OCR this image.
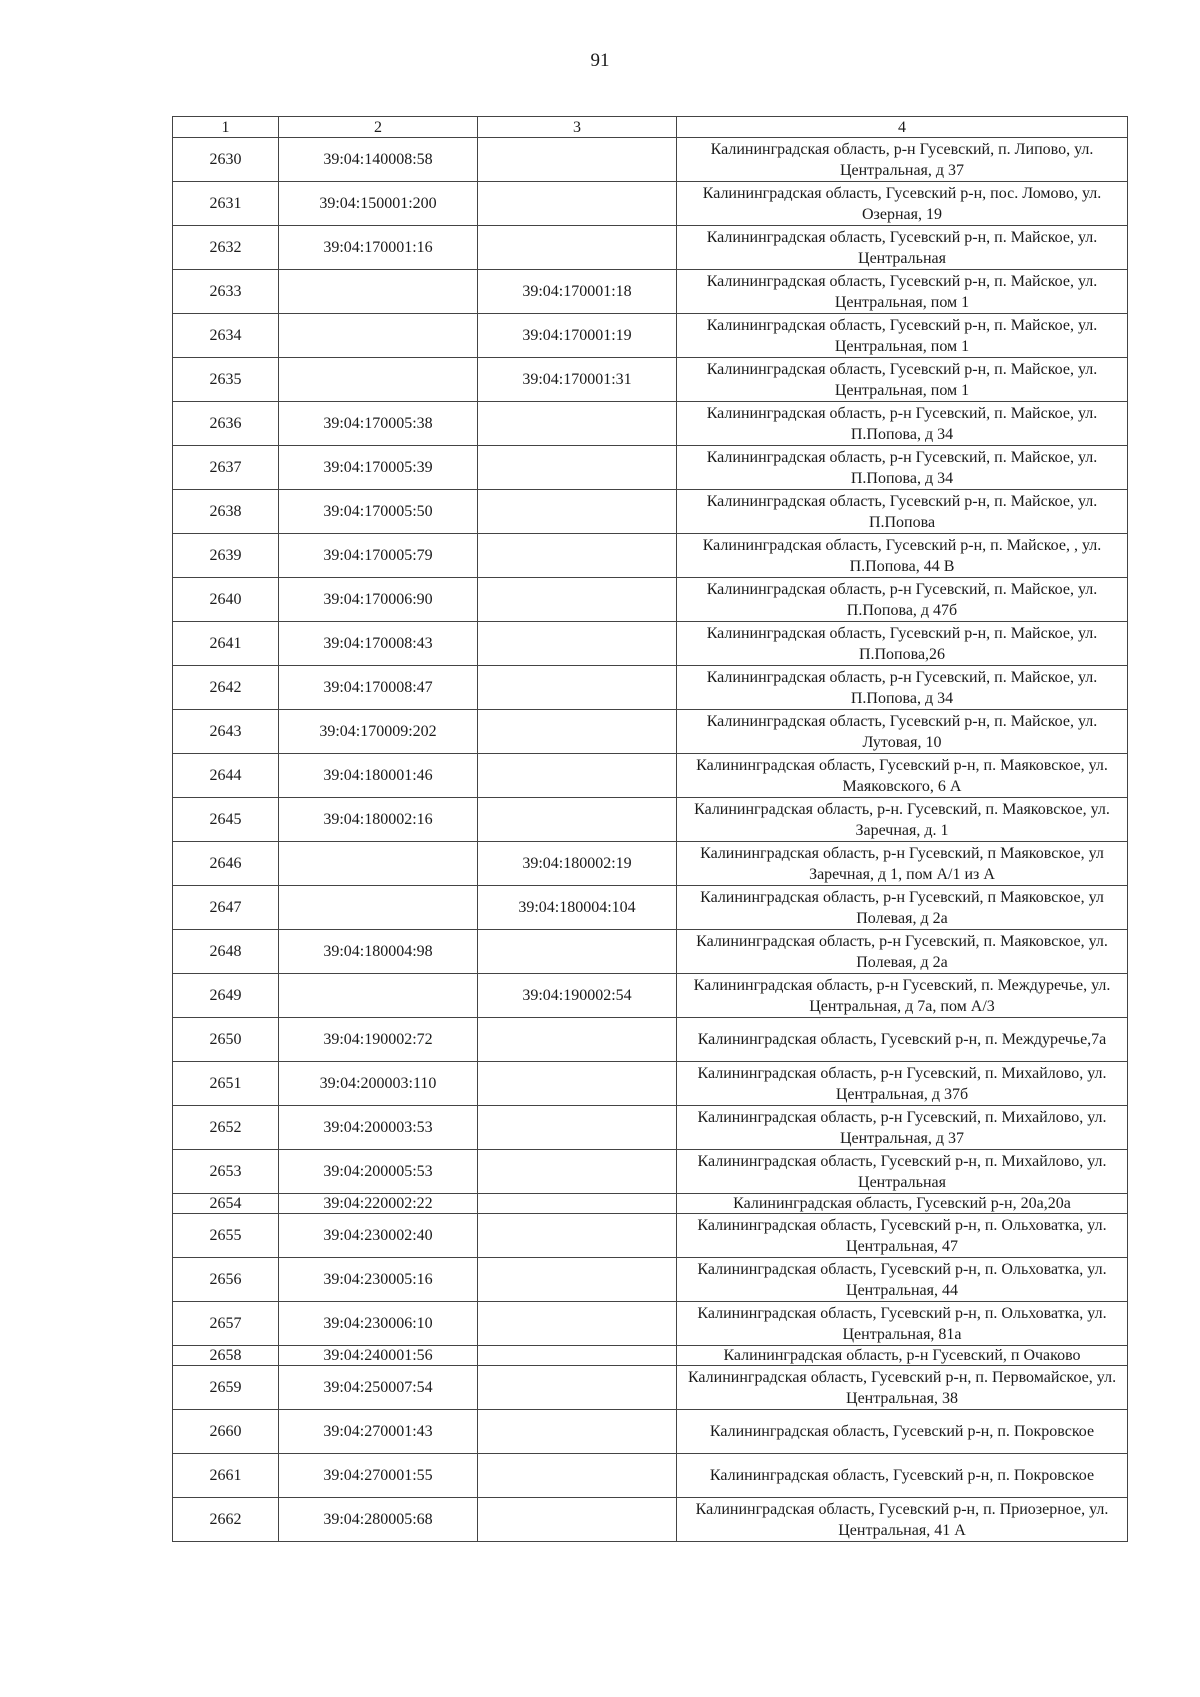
91
1	2	3	4
2630	39:04:140008:58		Калининградская область, р-н Гусевский, п. Липово, ул. Центральная, д 37
2631	39:04:150001:200		Калининградская область, Гусевский р-н, пос. Ломово, ул. Озерная, 19
2632	39:04:170001:16		Калининградская область, Гусевский р-н, п. Майское, ул. Центральная
2633		39:04:170001:18	Калининградская область, Гусевский р-н, п. Майское, ул. Центральная, пом 1
2634		39:04:170001:19	Калининградская область, Гусевский р-н, п. Майское, ул. Центральная, пом 1
2635		39:04:170001:31	Калининградская область, Гусевский р-н, п. Майское, ул. Центральная, пом 1
2636	39:04:170005:38		Калининградская область, р-н Гусевский, п. Майское, ул. П.Попова, д 34
2637	39:04:170005:39		Калининградская область, р-н Гусевский, п. Майское, ул. П.Попова, д 34
2638	39:04:170005:50		Калининградская область, Гусевский р-н, п. Майское, ул. П.Попова
2639	39:04:170005:79		Калининградская область, Гусевский р-н, п. Майское, , ул. П.Попова, 44 В
2640	39:04:170006:90		Калининградская область, р-н Гусевский, п. Майское, ул. П.Попова, д 47б
2641	39:04:170008:43		Калининградская область, Гусевский р-н, п. Майское, ул. П.Попова,26
2642	39:04:170008:47		Калининградская область, р-н Гусевский, п. Майское, ул. П.Попова, д 34
2643	39:04:170009:202		Калининградская область, Гусевский р-н, п. Майское, ул. Лутовая, 10
2644	39:04:180001:46		Калининградская область, Гусевский р-н, п. Маяковское, ул. Маяковского, 6 А
2645	39:04:180002:16		Калининградская область, р-н. Гусевский, п. Маяковское, ул. Заречная, д. 1
2646		39:04:180002:19	Калининградская область, р-н Гусевский, п Маяковское, ул Заречная, д 1, пом А/1 из А
2647		39:04:180004:104	Калининградская область, р-н Гусевский, п Маяковское, ул Полевая, д 2а
2648	39:04:180004:98		Калининградская область, р-н Гусевский, п. Маяковское, ул. Полевая, д 2а
2649		39:04:190002:54	Калининградская область, р-н Гусевский, п. Междуречье, ул. Центральная, д 7а, пом А/3
2650	39:04:190002:72		Калининградская область, Гусевский р-н, п. Междуречье,7а
2651	39:04:200003:110		Калининградская область, р-н Гусевский, п. Михайлово, ул. Центральная, д 37б
2652	39:04:200003:53		Калининградская область, р-н Гусевский, п. Михайлово, ул. Центральная, д 37
2653	39:04:200005:53		Калининградская область, Гусевский р-н, п. Михайлово, ул. Центральная
2654	39:04:220002:22		Калининградская область, Гусевский р-н, 20а,20а
2655	39:04:230002:40		Калининградская область, Гусевский р-н, п. Ольховатка, ул. Центральная, 47
2656	39:04:230005:16		Калининградская область, Гусевский р-н, п. Ольховатка, ул. Центральная, 44
2657	39:04:230006:10		Калининградская область, Гусевский р-н, п. Ольховатка, ул. Центральная, 81а
2658	39:04:240001:56		Калининградская область, р-н Гусевский, п Очаково
2659	39:04:250007:54		Калининградская область, Гусевский р-н, п. Первомайское, ул. Центральная, 38
2660	39:04:270001:43		Калининградская область, Гусевский р-н, п. Покровское
2661	39:04:270001:55		Калининградская область, Гусевский р-н, п. Покровское
2662	39:04:280005:68		Калининградская область, Гусевский р-н, п. Приозерное, ул. Центральная, 41 А
